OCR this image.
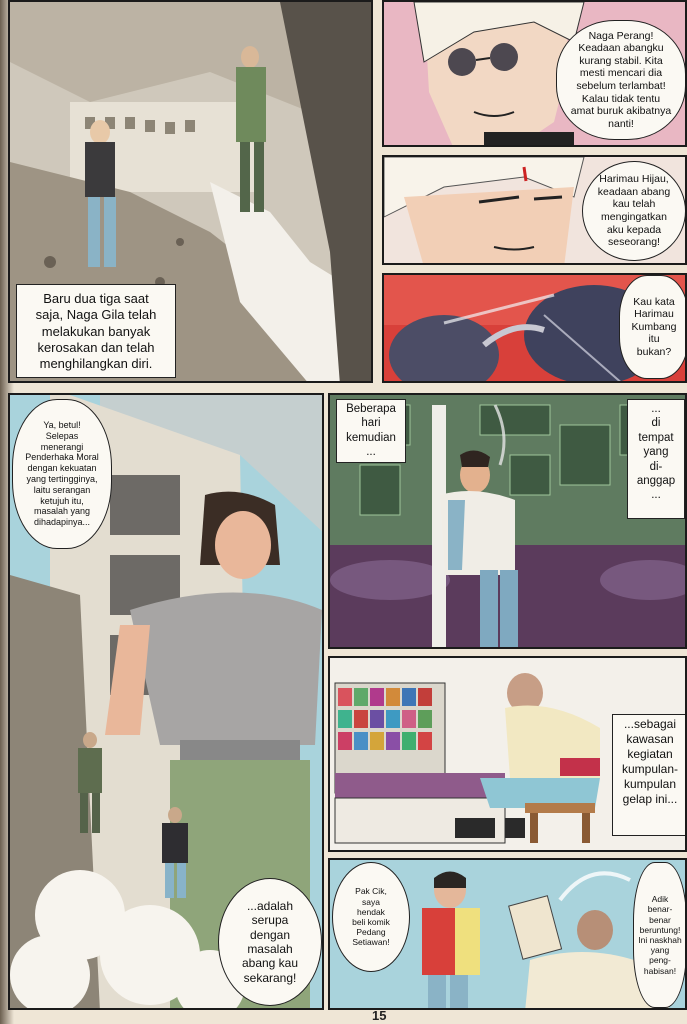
Baru dua tiga saat
saja, Naga Gila telah
melakukan banyak
kerosakan dan telah
menghilangkan diri.
Naga Perang!
Keadaan abangku
kurang stabil. Kita
mesti mencari dia
sebelum terlambat!
Kalau tidak tentu
amat buruk akibatnya
nanti!
Harimau Hijau,
keadaan abang
kau telah
mengingatkan
aku kepada
seseorang!
Kau kata
Harimau
Kumbang
itu
bukan?
Ya, betul!
Selepas
menerangi
Penderhaka Moral
dengan kekuatan
yang tertingginya,
laitu serangan
ketujuh itu,
masalah yang
dihadapinya...
...adalah
serupa
dengan
masalah
abang kau
sekarang!
Beberapa
hari
kemudian
...
...
di
tempat
yang
di-
anggap
...
...sebagai
kawasan
kegiatan
kumpulan-
kumpulan
gelap ini...
Pak Cik,
saya
hendak
beli komik
Pedang
Setiawan!
Adik
benar-
benar
beruntung!
Ini naskhah
yang
peng-
habisan!
15
